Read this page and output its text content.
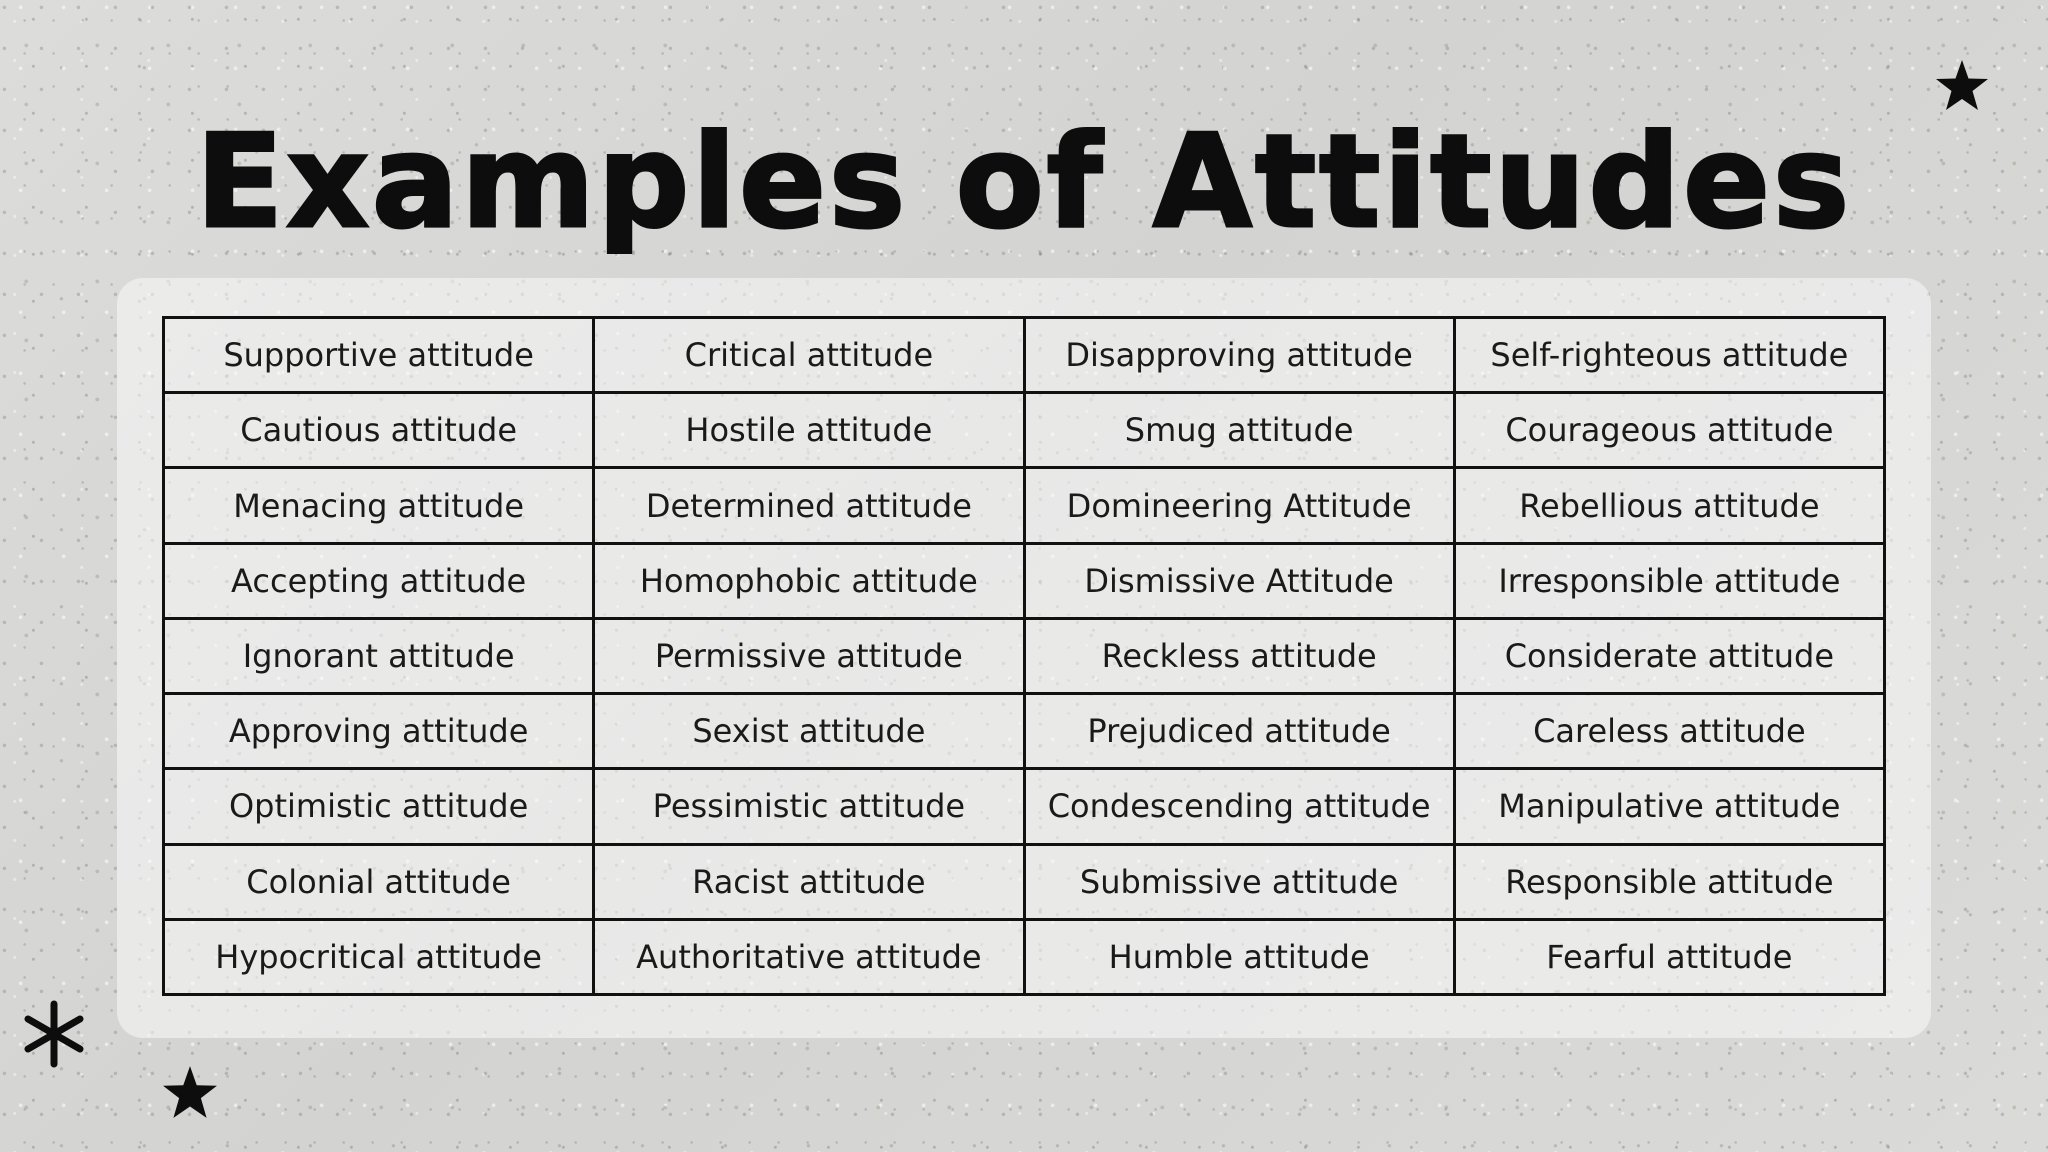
Examples of Attitudes
Supportive attitude	Critical attitude	Disapproving attitude	Self-righteous attitude
Cautious attitude	Hostile attitude	Smug attitude	Courageous attitude
Menacing attitude	Determined attitude	Domineering Attitude	Rebellious attitude
Accepting attitude	Homophobic attitude	Dismissive Attitude	Irresponsible attitude
Ignorant attitude	Permissive attitude	Reckless attitude	Considerate attitude
Approving attitude	Sexist attitude	Prejudiced attitude	Careless attitude
Optimistic attitude	Pessimistic attitude	Condescending attitude	Manipulative attitude
Colonial attitude	Racist attitude	Submissive attitude	Responsible attitude
Hypocritical attitude	Authoritative attitude	Humble attitude	Fearful attitude
